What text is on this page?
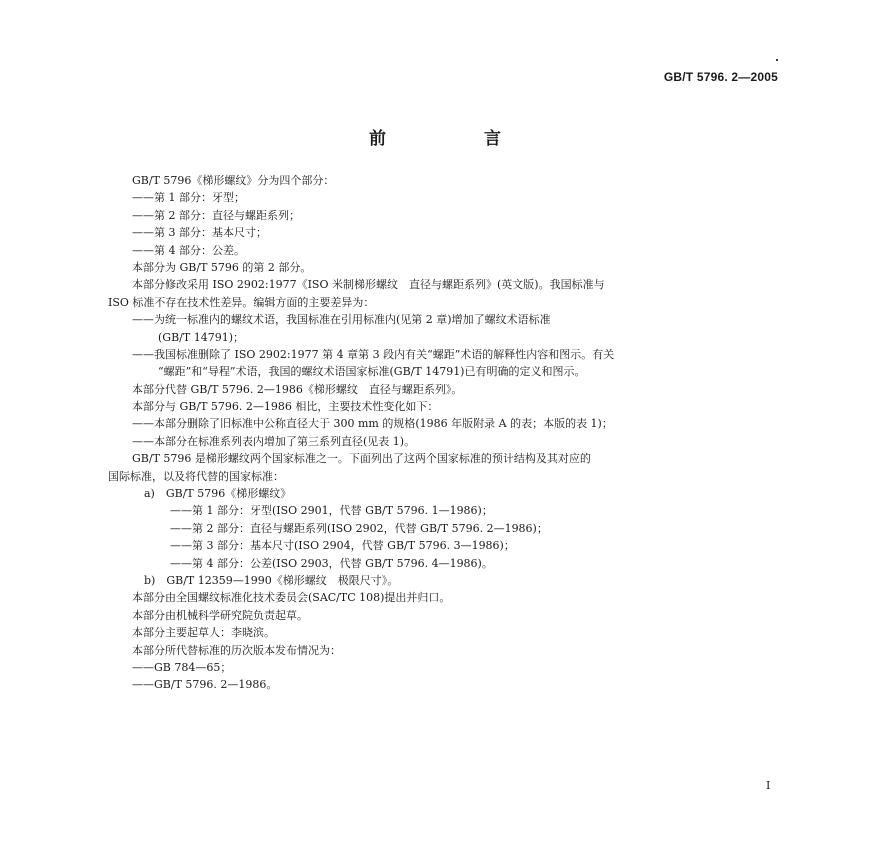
GB/T 5796. 2—2005
前 言
GB/T 5796《梯形螺纹》分为四个部分：
——第 1 部分：牙型；
——第 2 部分：直径与螺距系列；
——第 3 部分：基本尺寸；
——第 4 部分：公差。
本部分为 GB/T 5796 的第 2 部分。
本部分修改采用 ISO 2902:1977《ISO 米制梯形螺纹　直径与螺距系列》(英文版)。我国标准与
ISO 标准不存在技术性差异。编辑方面的主要差异为：
——为统一标准内的螺纹术语，我国标准在引用标准内(见第 2 章)增加了螺纹术语标准
(GB/T 14791)；
——我国标准删除了 ISO 2902:1977 第 4 章第 3 段内有关“螺距”术语的解释性内容和图示。有关
“螺距”和“导程”术语，我国的螺纹术语国家标准(GB/T 14791)已有明确的定义和图示。
本部分代替 GB/T 5796. 2—1986《梯形螺纹　直径与螺距系列》。
本部分与 GB/T 5796. 2—1986 相比，主要技术性变化如下：
——本部分删除了旧标准中公称直径大于 300 mm 的规格(1986 年版附录 A 的表；本版的表 1)；
——本部分在标准系列表内增加了第三系列直径(见表 1)。
GB/T 5796 是梯形螺纹两个国家标准之一。下面列出了这两个国家标准的预计结构及其对应的
国际标准，以及将代替的国家标准：
a)　GB/T 5796《梯形螺纹》
——第 1 部分：牙型(ISO 2901，代替 GB/T 5796. 1—1986)；
——第 2 部分：直径与螺距系列(ISO 2902，代替 GB/T 5796. 2—1986)；
——第 3 部分：基本尺寸(ISO 2904，代替 GB/T 5796. 3—1986)；
——第 4 部分：公差(ISO 2903，代替 GB/T 5796. 4—1986)。
b)　GB/T 12359—1990《梯形螺纹　极限尺寸》。
本部分由全国螺纹标准化技术委员会(SAC/TC 108)提出并归口。
本部分由机械科学研究院负责起草。
本部分主要起草人：李晓滨。
本部分所代替标准的历次版本发布情况为：
——GB 784—65；
——GB/T 5796. 2—1986。
I
